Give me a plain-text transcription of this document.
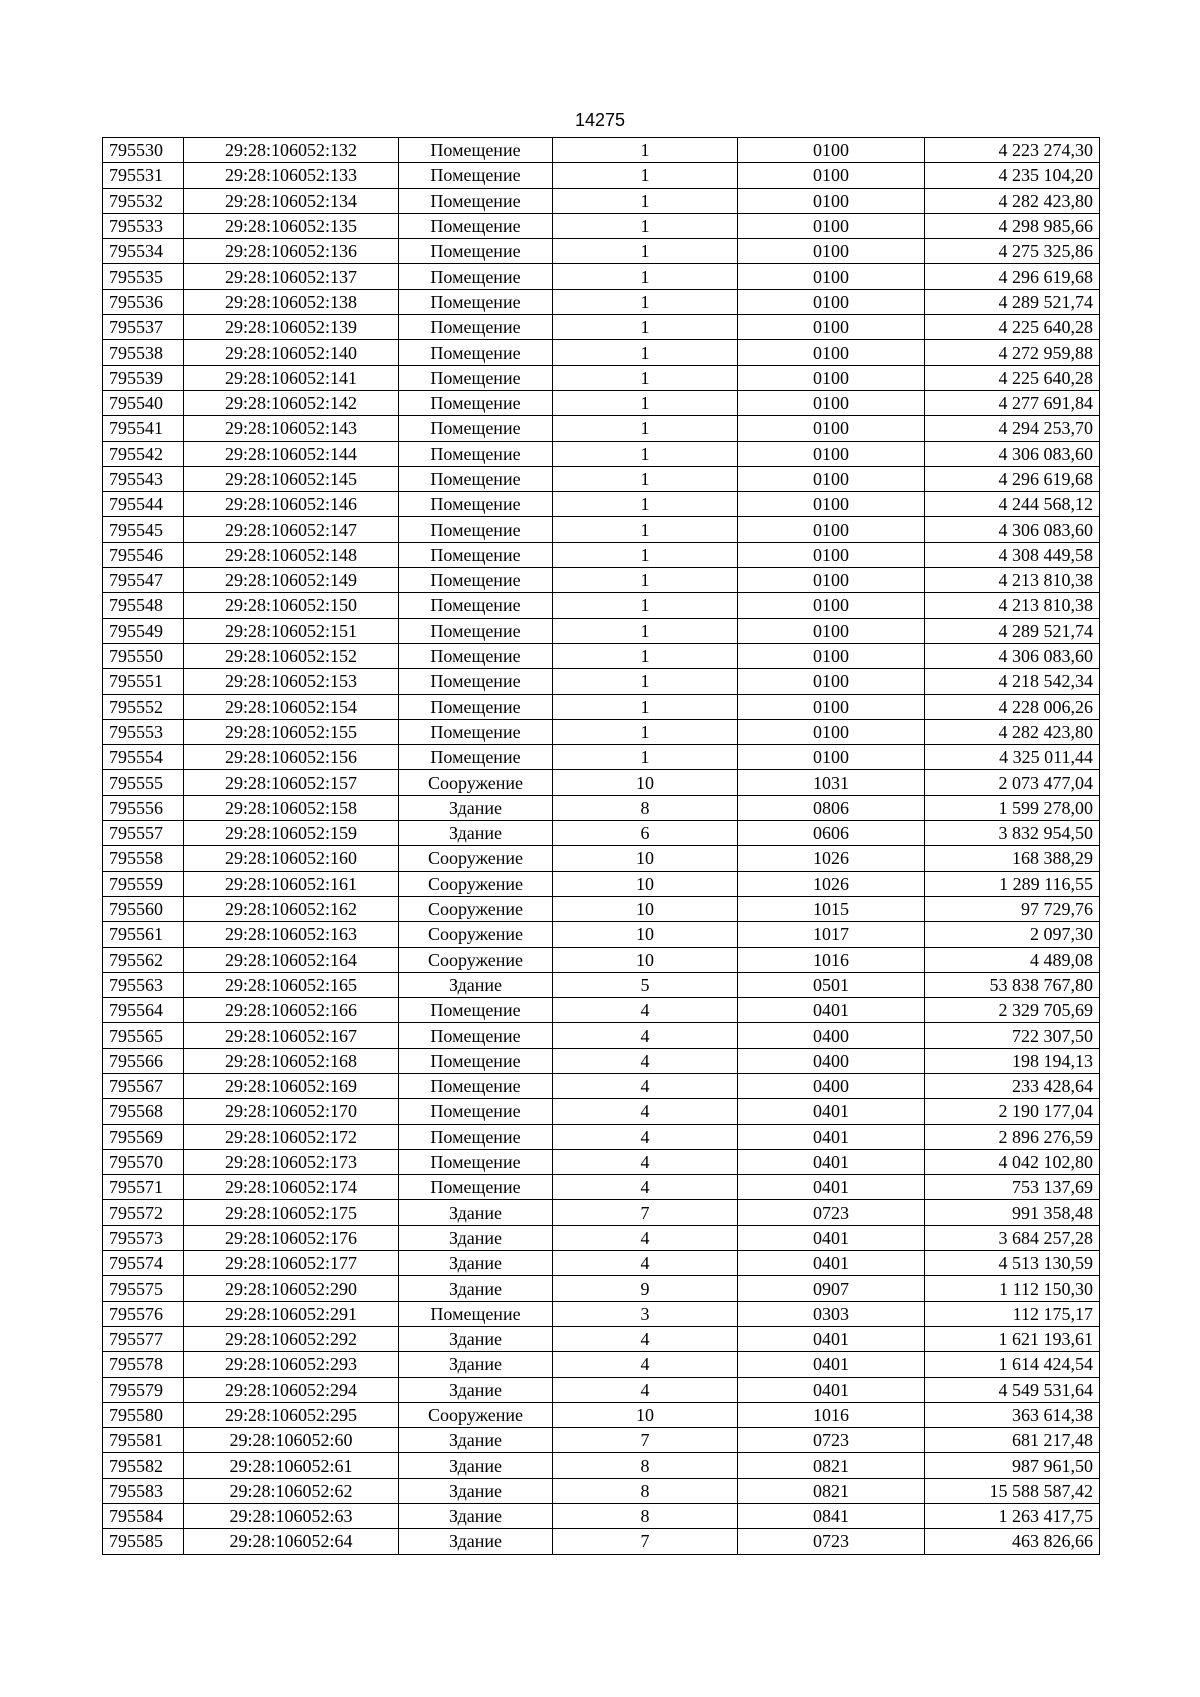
14275
795530	29:28:106052:132	Помещение	1	0100	4 223 274,30
795531	29:28:106052:133	Помещение	1	0100	4 235 104,20
795532	29:28:106052:134	Помещение	1	0100	4 282 423,80
795533	29:28:106052:135	Помещение	1	0100	4 298 985,66
795534	29:28:106052:136	Помещение	1	0100	4 275 325,86
795535	29:28:106052:137	Помещение	1	0100	4 296 619,68
795536	29:28:106052:138	Помещение	1	0100	4 289 521,74
795537	29:28:106052:139	Помещение	1	0100	4 225 640,28
795538	29:28:106052:140	Помещение	1	0100	4 272 959,88
795539	29:28:106052:141	Помещение	1	0100	4 225 640,28
795540	29:28:106052:142	Помещение	1	0100	4 277 691,84
795541	29:28:106052:143	Помещение	1	0100	4 294 253,70
795542	29:28:106052:144	Помещение	1	0100	4 306 083,60
795543	29:28:106052:145	Помещение	1	0100	4 296 619,68
795544	29:28:106052:146	Помещение	1	0100	4 244 568,12
795545	29:28:106052:147	Помещение	1	0100	4 306 083,60
795546	29:28:106052:148	Помещение	1	0100	4 308 449,58
795547	29:28:106052:149	Помещение	1	0100	4 213 810,38
795548	29:28:106052:150	Помещение	1	0100	4 213 810,38
795549	29:28:106052:151	Помещение	1	0100	4 289 521,74
795550	29:28:106052:152	Помещение	1	0100	4 306 083,60
795551	29:28:106052:153	Помещение	1	0100	4 218 542,34
795552	29:28:106052:154	Помещение	1	0100	4 228 006,26
795553	29:28:106052:155	Помещение	1	0100	4 282 423,80
795554	29:28:106052:156	Помещение	1	0100	4 325 011,44
795555	29:28:106052:157	Сооружение	10	1031	2 073 477,04
795556	29:28:106052:158	Здание	8	0806	1 599 278,00
795557	29:28:106052:159	Здание	6	0606	3 832 954,50
795558	29:28:106052:160	Сооружение	10	1026	168 388,29
795559	29:28:106052:161	Сооружение	10	1026	1 289 116,55
795560	29:28:106052:162	Сооружение	10	1015	97 729,76
795561	29:28:106052:163	Сооружение	10	1017	2 097,30
795562	29:28:106052:164	Сооружение	10	1016	4 489,08
795563	29:28:106052:165	Здание	5	0501	53 838 767,80
795564	29:28:106052:166	Помещение	4	0401	2 329 705,69
795565	29:28:106052:167	Помещение	4	0400	722 307,50
795566	29:28:106052:168	Помещение	4	0400	198 194,13
795567	29:28:106052:169	Помещение	4	0400	233 428,64
795568	29:28:106052:170	Помещение	4	0401	2 190 177,04
795569	29:28:106052:172	Помещение	4	0401	2 896 276,59
795570	29:28:106052:173	Помещение	4	0401	4 042 102,80
795571	29:28:106052:174	Помещение	4	0401	753 137,69
795572	29:28:106052:175	Здание	7	0723	991 358,48
795573	29:28:106052:176	Здание	4	0401	3 684 257,28
795574	29:28:106052:177	Здание	4	0401	4 513 130,59
795575	29:28:106052:290	Здание	9	0907	1 112 150,30
795576	29:28:106052:291	Помещение	3	0303	112 175,17
795577	29:28:106052:292	Здание	4	0401	1 621 193,61
795578	29:28:106052:293	Здание	4	0401	1 614 424,54
795579	29:28:106052:294	Здание	4	0401	4 549 531,64
795580	29:28:106052:295	Сооружение	10	1016	363 614,38
795581	29:28:106052:60	Здание	7	0723	681 217,48
795582	29:28:106052:61	Здание	8	0821	987 961,50
795583	29:28:106052:62	Здание	8	0821	15 588 587,42
795584	29:28:106052:63	Здание	8	0841	1 263 417,75
795585	29:28:106052:64	Здание	7	0723	463 826,66
